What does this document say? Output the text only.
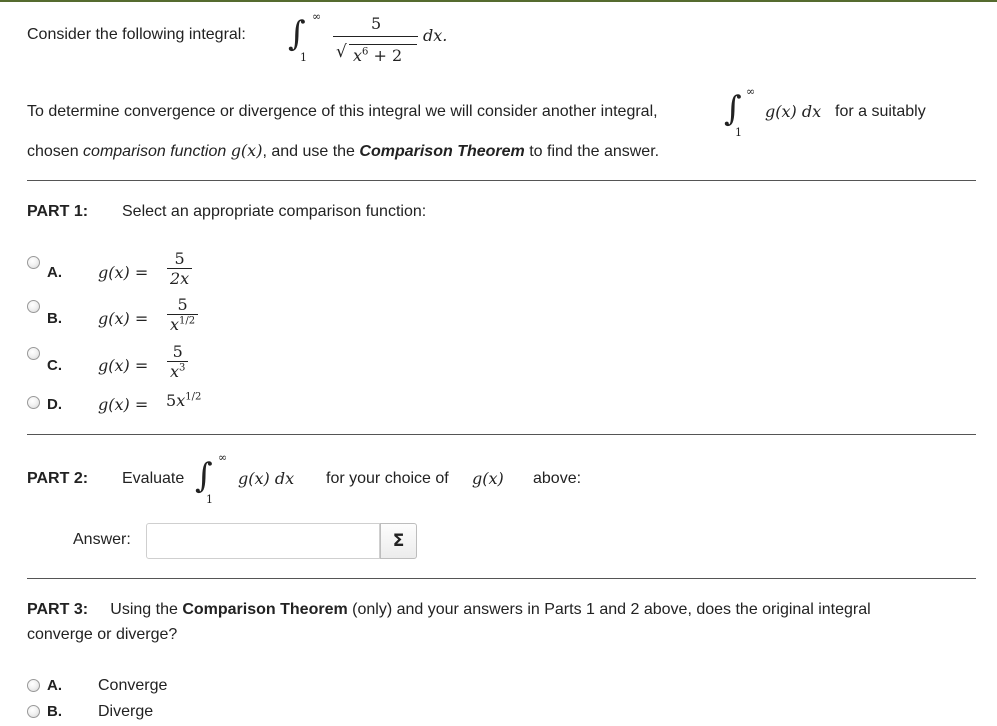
Consider the following integral: ∫ ∞
1
5
√ $x^6 + 2$
dx.
To determine convergence or divergence of this integral we will consider another integral, ∫ ∞
1
g(x) dx for a suitably
chosen comparison function g(x), and use the Comparison Theorem to find the answer.
PART 1: Select an appropriate comparison function:
A. $g(x) = \frac{5}{2x}$
B. $g(x) = \frac{5}{x^{1/2}}$
C. $g(x) = \frac{5}{x^3}$
D. $g(x) = 5x^{1/2}$
PART 2: Evaluate ∫ ∞
1
g(x) dx for your choice of g(x) above:
Answer:	Σ
PART 3: Using the Comparison Theorem (only) and your answers in Parts 1 and 2 above, does the original integral
converge or diverge?
A. Converge
B. Diverge
